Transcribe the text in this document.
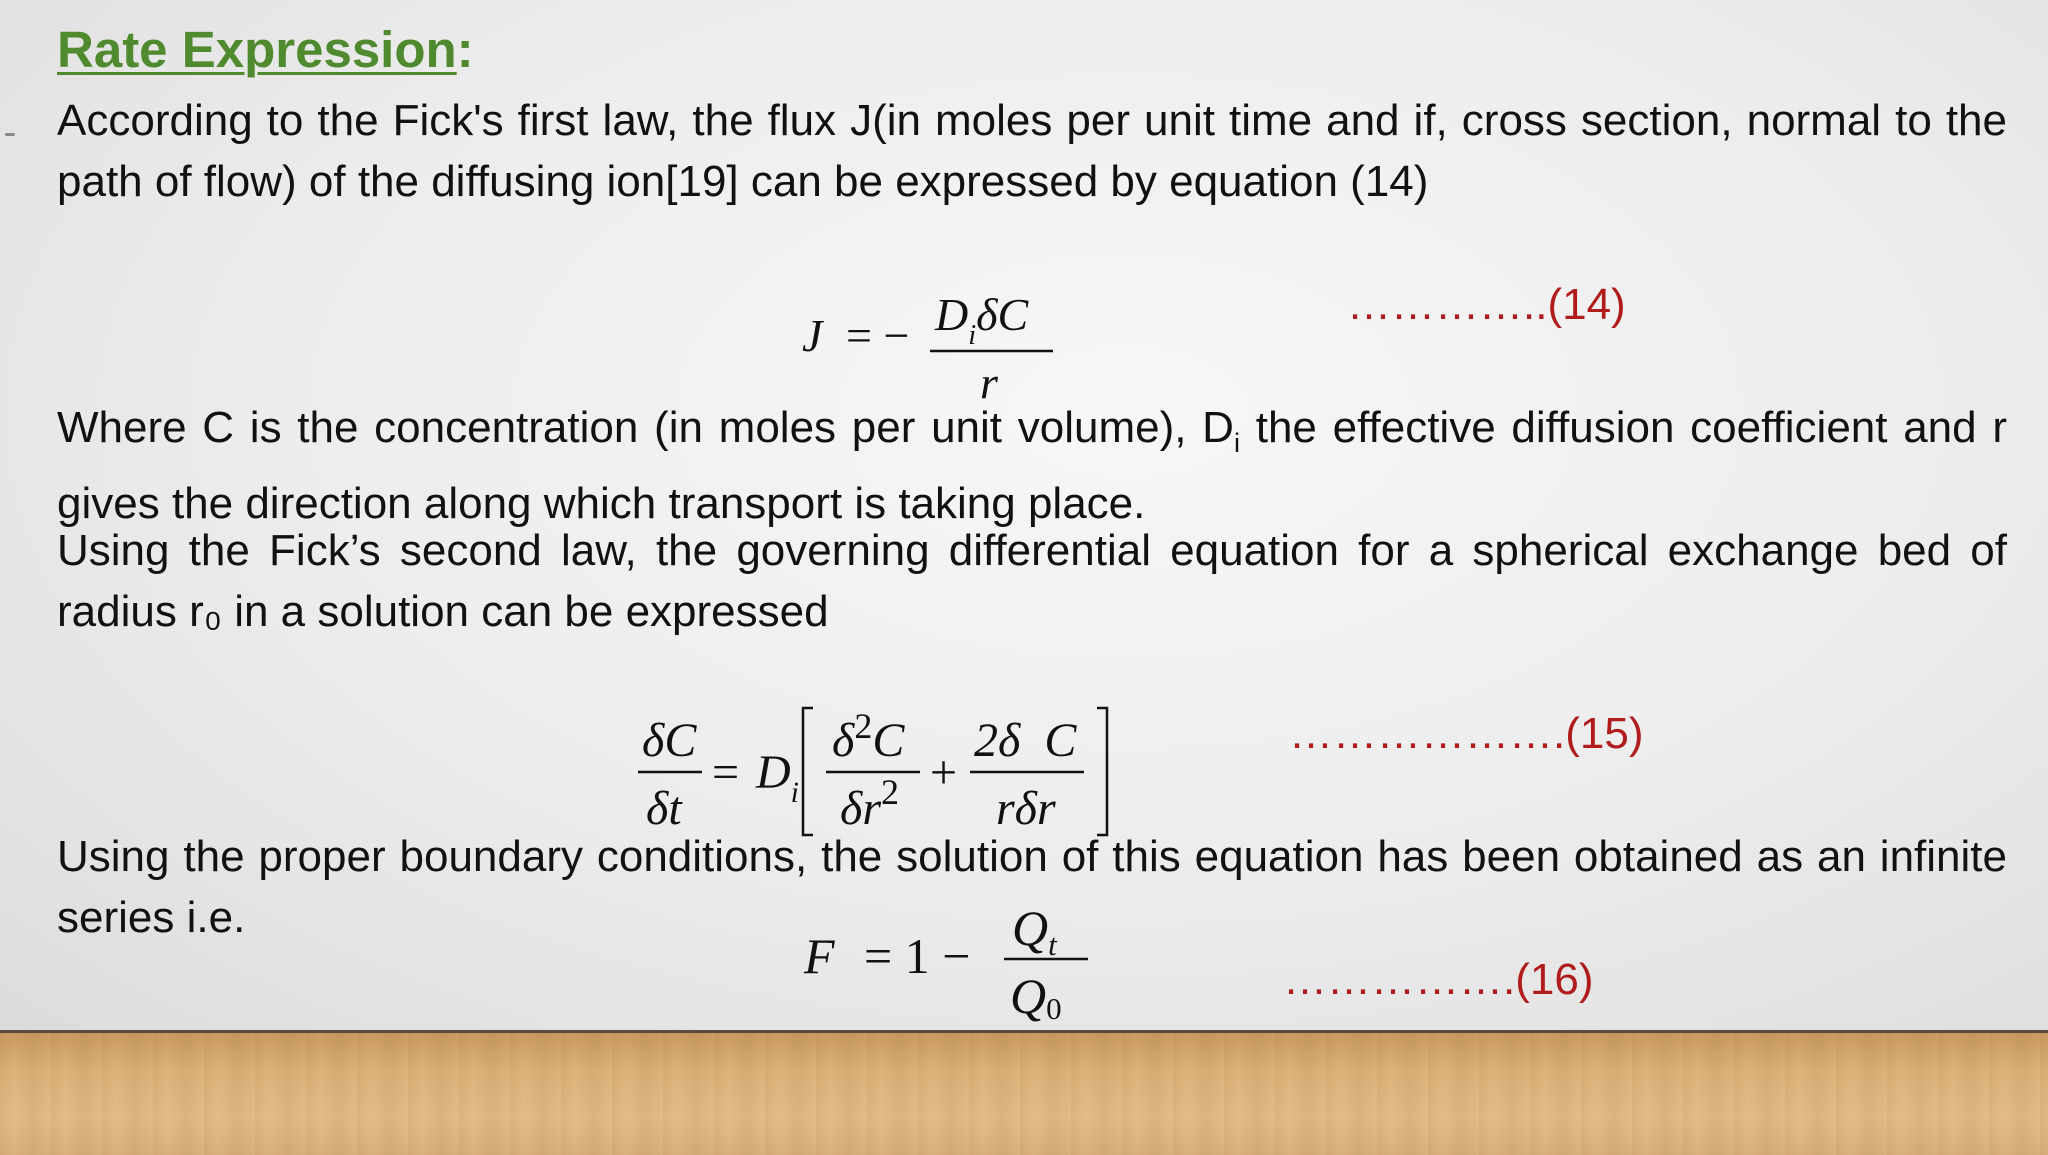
Rate Expression:

According to the Fick's first law, the flux J(in moles per unit time and if, cross section, normal to the path of flow) of the diffusing ion[19] can be expressed by equation (14)

J = − $D_i\delta C$
r

…………..(14)

Where C is the concentration (in moles per unit volume), $D_i$ the effective diffusion coefficient and r gives the direction along which transport is taking place.

Using the Fick’s second law, the governing differential equation for a spherical exchange bed of radius r₀ in a solution can be expressed

δC
δt
= $D_i$
$\delta^2C$
$\delta r^2$ +
2δ  C
rδr

……………….(15)

Using the proper boundary conditions, the solution of this equation has been obtained as an infinite series i.e.

$F = 1 - Q_t$
Q0

…………….(16)
